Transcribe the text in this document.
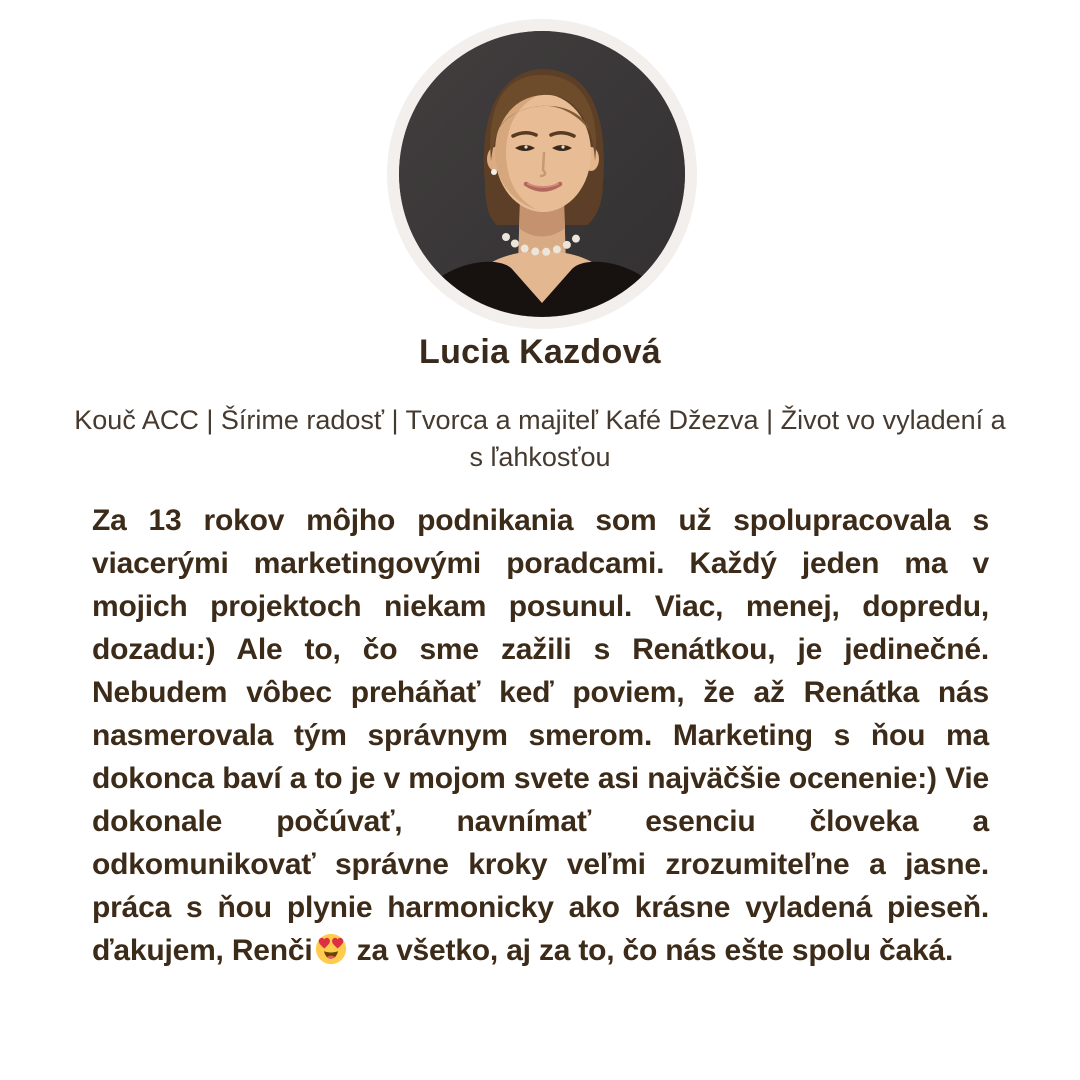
Lucia Kazdová

Kouč ACC | Šírime radosť | Tvorca a majiteľ Kafé Džezva | Život vo vyladení a s ľahkosťou

Za 13 rokov môjho podnikania som už spolupracovala s viacerými marketingovými poradcami. Každý jeden ma v mojich projektoch niekam posunul. Viac, menej, dopredu, dozadu:) Ale to, čo sme zažili s Renátkou, je jedinečné. Nebudem vôbec preháňať keď poviem, že až Renátka nás nasmerovala tým správnym smerom. Marketing s ňou ma dokonca baví a to je v mojom svete asi najväčšie ocenenie:) Vie dokonale počúvať, navnímať esenciu človeka a odkomunikovať správne kroky veľmi zrozumiteľne a jasne. práca s ňou plynie harmonicky ako krásne vyladená pieseň. ďakujem, Renči
za všetko, aj za to, čo nás ešte spolu čaká.
